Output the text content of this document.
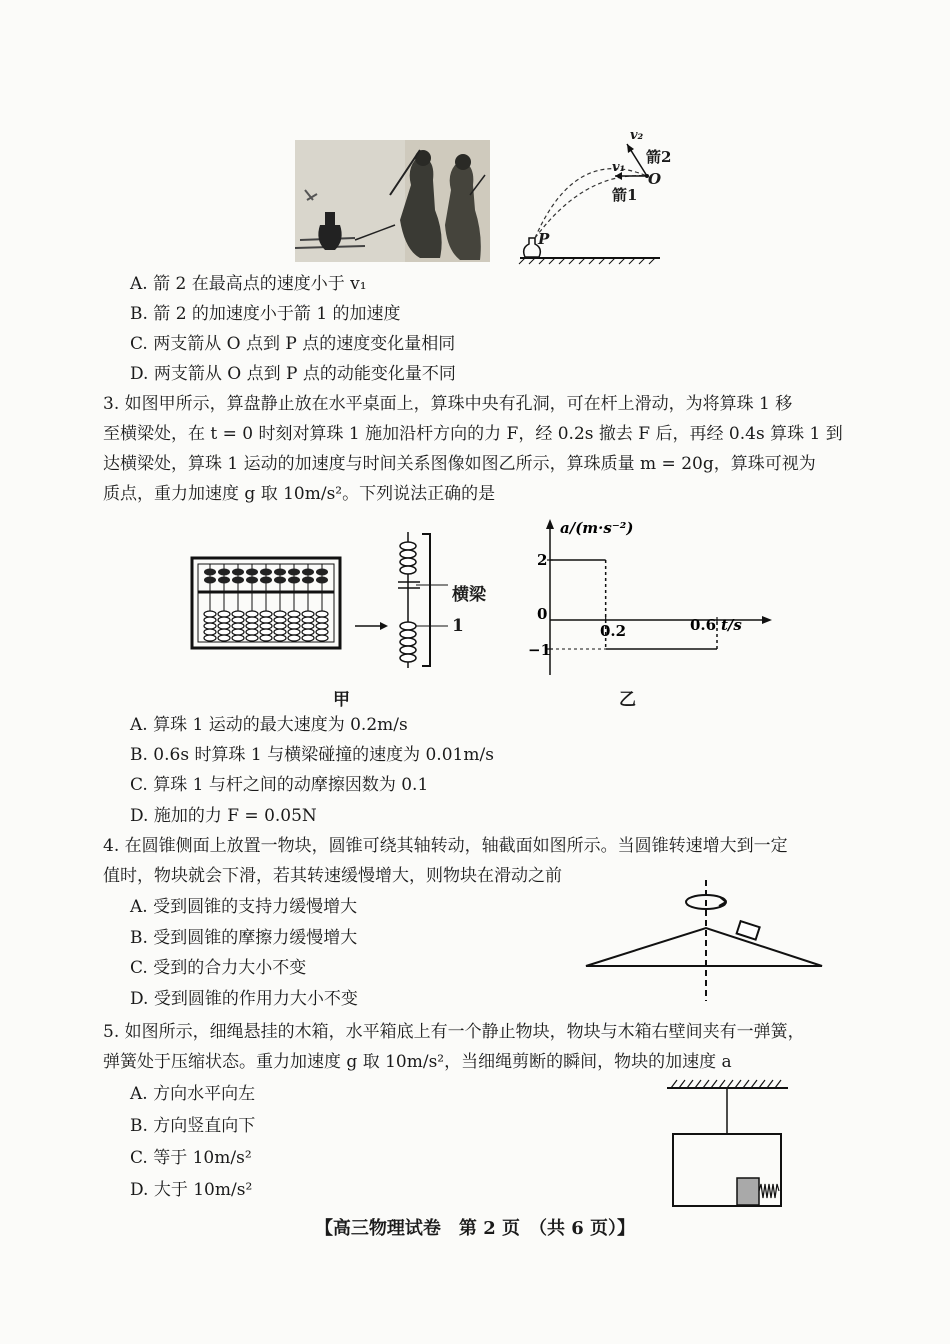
v₂
箭2
v₁
O
箭1
P
A. 箭 2 在最高点的速度小于 v₁
B. 箭 2 的加速度小于箭 1 的加速度
C. 两支箭从 O 点到 P 点的速度变化量相同
D. 两支箭从 O 点到 P 点的动能变化量不同
3. 如图甲所示，算盘静止放在水平桌面上，算珠中央有孔洞，可在杆上滑动，为将算珠 1 移
至横梁处，在 t = 0 时刻对算珠 1 施加沿杆方向的力 F，经 0.2s 撤去 F 后，再经 0.4s 算珠 1 到
达横梁处，算珠 1 运动的加速度与时间关系图像如图乙所示，算珠质量 m = 20g，算珠可视为
质点，重力加速度 g 取 10m/s²。下列说法正确的是
横梁
1
甲
a/(m·s⁻²)
t/s
0
2
−1
0.2	0.6
乙
A. 算珠 1 运动的最大速度为 0.2m/s
B. 0.6s 时算珠 1 与横梁碰撞的速度为 0.01m/s
C. 算珠 1 与杆之间的动摩擦因数为 0.1
D. 施加的力 F = 0.05N
4. 在圆锥侧面上放置一物块，圆锥可绕其轴转动，轴截面如图所示。当圆锥转速增大到一定
值时，物块就会下滑，若其转速缓慢增大，则物块在滑动之前
A. 受到圆锥的支持力缓慢增大
B. 受到圆锥的摩擦力缓慢增大
C. 受到的合力大小不变
D. 受到圆锥的作用力大小不变
5. 如图所示，细绳悬挂的木箱，水平箱底上有一个静止物块，物块与木箱右壁间夹有一弹簧，
弹簧处于压缩状态。重力加速度 g 取 10m/s²，当细绳剪断的瞬间，物块的加速度 a
A. 方向水平向左
B. 方向竖直向下
C. 等于 10m/s²
D. 大于 10m/s²
【高三物理试卷　第 2 页　（共 6 页）】
